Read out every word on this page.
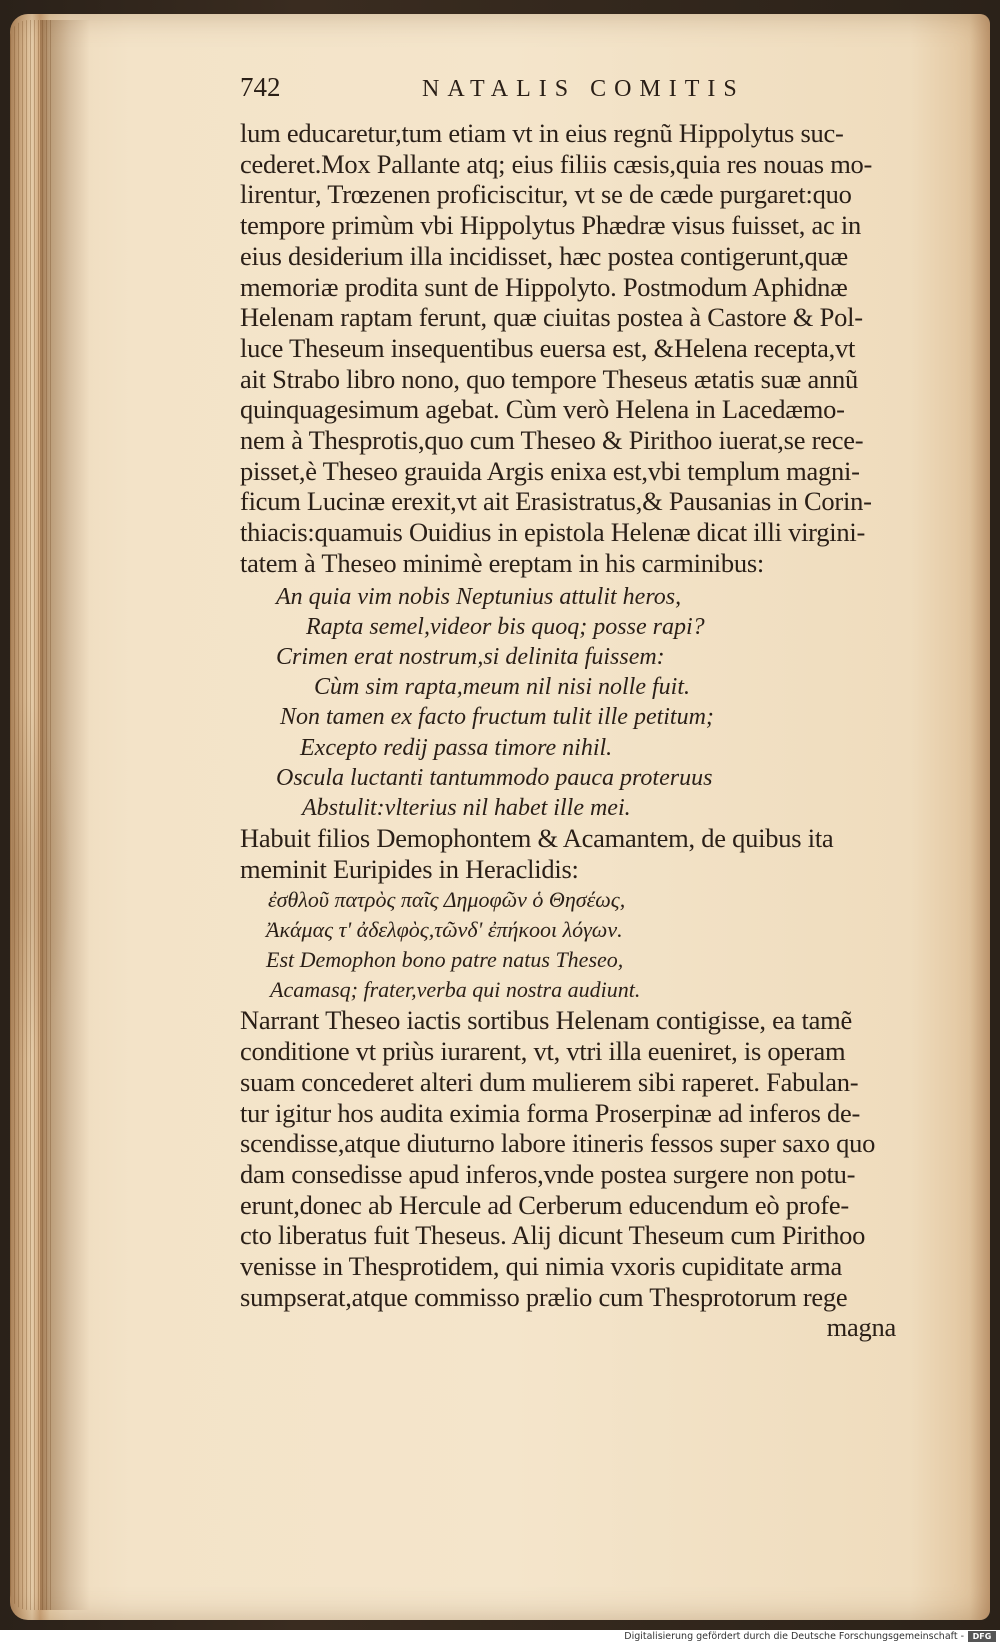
742	NATALIS COMITIS

lum educaretur,tum etiam vt in eius regnũ Hippolytus suc-

cederet.Mox Pallante atq; eius filiis cæsis,quia res nouas mo-

lirentur, Trœzenen proficiscitur, vt se de cæde purgaret:quo

tempore primùm vbi Hippolytus Phædræ visus fuisset, ac in

eius desiderium illa incidisset, hæc postea contigerunt,quæ

memoriæ prodita sunt de Hippolyto. Postmodum Aphidnæ

Helenam raptam ferunt, quæ ciuitas postea à Castore & Pol-

luce Theseum insequentibus euersa est, &Helena recepta,vt

ait Strabo libro nono, quo tempore Theseus ætatis suæ annũ

quinquagesimum agebat. Cùm verò Helena in Lacedæmo-

nem à Thesprotis,quo cum Theseo & Pirithoo iuerat,se rece-

pisset,è Theseo grauida Argis enixa est,vbi templum magni-

ficum Lucinæ erexit,vt ait Erasistratus,& Pausanias in Corin-

thiacis:quamuis Ouidius in epistola Helenæ dicat illi virgini-

tatem à Theseo minimè ereptam in his carminibus:

An quia vim nobis Neptunius attulit heros,
Rapta semel,videor bis quoq; posse rapi?
Crimen erat nostrum,si delinita fuissem:
Cùm sim rapta,meum nil nisi nolle fuit.
Non tamen ex facto fructum tulit ille petitum;
Excepto redij passa timore nihil.
Oscula luctanti tantummodo pauca proteruus
Abstulit:vlterius nil habet ille mei.

Habuit filios Demophontem & Acamantem, de quibus ita

meminit Euripides in Heraclidis:

ἐσθλοῦ πατρὸς παῖς Δημοφῶν ὁ Θησέως,
Ἀκάμας τ' ἀδελφὸς,τῶνδ' ἐπήκοοι λόγων.
Est Demophon bono patre natus Theseo,
Acamasq; frater,verba qui nostra audiunt.

Narrant Theseo iactis sortibus Helenam contigisse, ea tamẽ

conditione vt priùs iurarent, vt, vtri illa eueniret, is operam

suam concederet alteri dum mulierem sibi raperet. Fabulan-

tur igitur hos audita eximia forma Proserpinæ ad inferos de-

scendisse,atque diuturno labore itineris fessos super saxo quo

dam consedisse apud inferos,vnde postea surgere non potu-

erunt,donec ab Hercule ad Cerberum educendum eò profe-

cto liberatus fuit Theseus. Alij dicunt Theseum cum Pirithoo

venisse in Thesprotidem, qui nimia vxoris cupiditate arma

sumpserat,atque commisso prælio cum Thesprotorum rege

magna

Digitalisierung gefördert durch die Deutsche Forschungsgemeinschaft -	DFG
